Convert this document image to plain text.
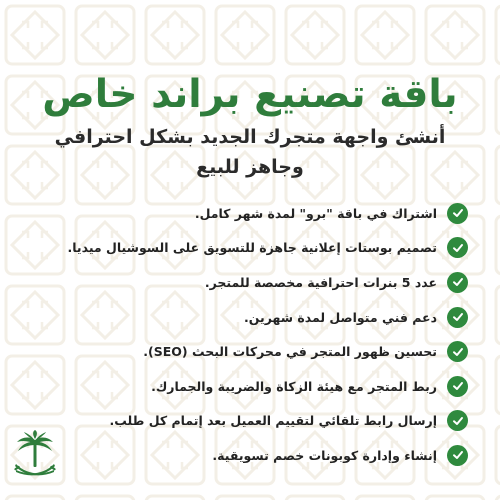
باقة تصنيع براند خاص

أنشئ واجهة متجرك الجديد بشكل احترافي وجاهز للبيع

اشتراك في باقة "برو" لمدة شهر كامل.
تصميم بوستات إعلانية جاهزة للتسويق على السوشيال ميديا.
عدد 5 بنرات احترافية مخصصة للمتجر.
دعم فني متواصل لمدة شهرين.
تحسين ظهور المتجر في محركات البحث (SEO).
ربط المتجر مع هيئة الزكاة والضريبة والجمارك.
إرسال رابط تلقائي لتقييم العميل بعد إتمام كل طلب.
إنشاء وإدارة كوبونات خصم تسويقية.
